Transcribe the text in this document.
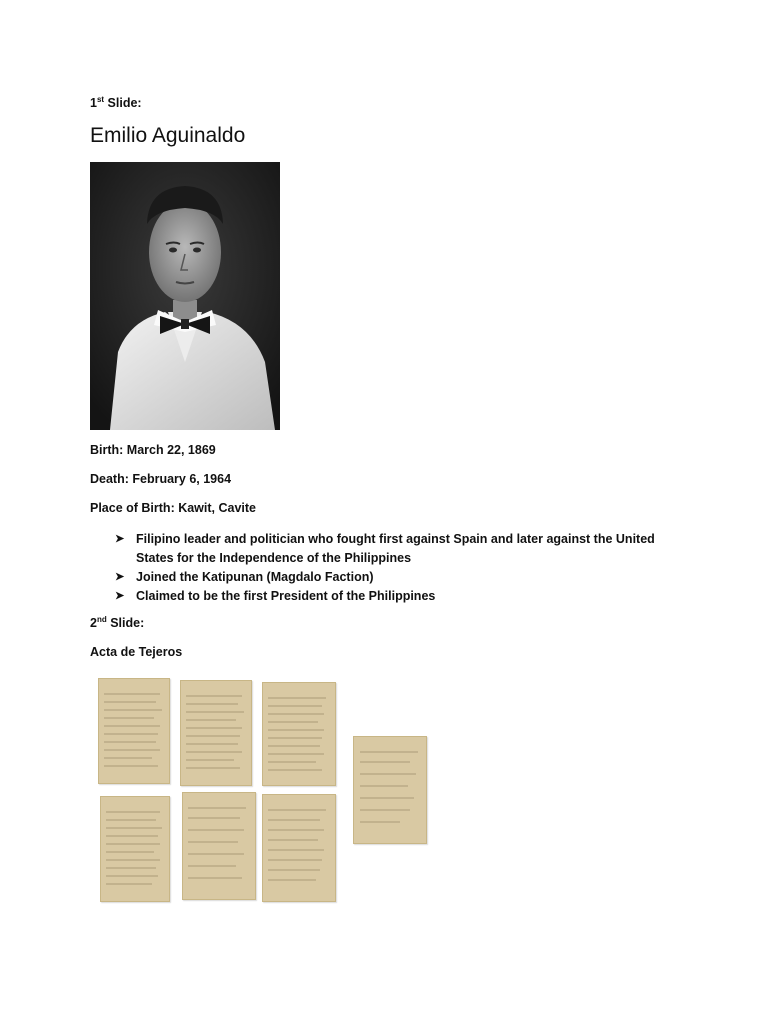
1st Slide:

Emilio Aguinaldo

Birth: March 22, 1869

Death: February 6, 1964

Place of Birth: Kawit, Cavite

➤ Filipino leader and politician who fought first against Spain and later against the United States for the Independence of the Philippines
➤ Joined the Katipunan (Magdalo Faction)
➤ Claimed to be the first President of the Philippines

2nd Slide:

Acta de Tejeros
